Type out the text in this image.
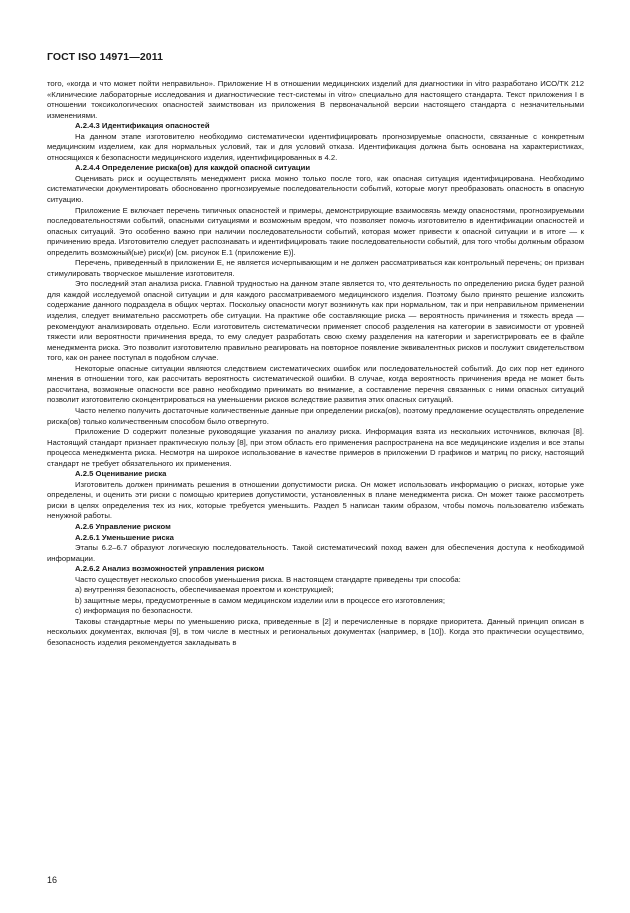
ГОСТ ISO 14971—2011

того, «когда и что может пойти неправильно». Приложение Н в отношении медицинских изделий для диагностики in vitro разработано ИСО/ТК 212 «Клинические лабораторные исследования и диагностические тест-системы in vitro» специально для настоящего стандарта. Текст приложения I в отношении токсикологических опасностей заимствован из приложения В первоначальной версии настоящего стандарта с незначительными изменениями.

А.2.4.3 Идентификация опасностей

На данном этапе изготовителю необходимо систематически идентифицировать прогнозируемые опасности, связанные с конкретным медицинским изделием, как для нормальных условий, так и для условий отказа. Идентификация должна быть основана на характеристиках, относящихся к безопасности медицинского изделия, идентифицированных в 4.2.

А.2.4.4 Определение риска(ов) для каждой опасной ситуации

Оценивать риск и осуществлять менеджмент риска можно только после того, как опасная ситуация идентифицирована. Необходимо систематически документировать обоснованно прогнозируемые последовательности событий, которые могут преобразовать опасность в опасную ситуацию.

Приложение Е включает перечень типичных опасностей и примеры, демонстрирующие взаимосвязь между опасностями, прогнозируемыми последовательностями событий, опасными ситуациями и возможным вредом, что позволяет помочь изготовителю в идентификации опасностей и опасных ситуаций. Это особенно важно при наличии последовательности событий, которая может привести к опасной ситуации и в итоге — к причинению вреда. Изготовителю следует распознавать и идентифицировать такие последовательности событий, для того чтобы должным образом определить возможный(ые) риск(и) [см. рисунок Е.1 (приложение Е)].

Перечень, приведенный в приложении Е, не является исчерпывающим и не должен рассматриваться как контрольный перечень; он призван стимулировать творческое мышление изготовителя.

Это последний этап анализа риска. Главной трудностью на данном этапе является то, что деятельность по определению риска будет разной для каждой исследуемой опасной ситуации и для каждого рассматриваемого медицинского изделия. Поэтому было принято решение изложить содержание данного подраздела в общих чертах. Поскольку опасности могут возникнуть как при нормальном, так и при неправильном применении изделия, следует внимательно рассмотреть обе ситуации. На практике обе составляющие риска — вероятность причинения и тяжесть вреда — рекомендуют анализировать отдельно. Если изготовитель систематически применяет способ разделения на категории в зависимости от уровней тяжести или вероятности причинения вреда, то ему следует разработать свою схему разделения на категории и зарегистрировать ее в файле менеджмента риска. Это позволит изготовителю правильно реагировать на повторное появление эквивалентных рисков и послужит свидетельством того, как он ранее поступал в подобном случае.

Некоторые опасные ситуации являются следствием систематических ошибок или последовательностей событий. До сих пор нет единого мнения в отношении того, как рассчитать вероятность систематической ошибки. В случае, когда вероятность причинения вреда не может быть рассчитана, возможные опасности все равно необходимо принимать во внимание, а составление перечня связанных с ними опасных ситуаций позволит изготовителю сконцентрироваться на уменьшении рисков вследствие развития этих опасных ситуаций.

Часто нелегко получить достаточные количественные данные при определении риска(ов), поэтому предложение осуществлять определение риска(ов) только количественным способом было отвергнуто.

Приложение D содержит полезные руководящие указания по анализу риска. Информация взята из нескольких источников, включая [8]. Настоящий стандарт признает практическую пользу [8], при этом область его применения распространена на все медицинские изделия и все этапы процесса менеджмента риска. Несмотря на широкое использование в качестве примеров в приложении D графиков и матриц по риску, настоящий стандарт не требует обязательного их применения.

А.2.5 Оценивание риска

Изготовитель должен принимать решения в отношении допустимости риска. Он может использовать информацию о рисках, которые уже определены, и оценить эти риски с помощью критериев допустимости, установленных в плане менеджмента риска. Он может также рассмотреть риски в целях определения тех из них, которые требуется уменьшить. Раздел 5 написан таким образом, чтобы помочь пользователю избежать ненужной работы.

А.2.6 Управление риском

А.2.6.1 Уменьшение риска

Этапы 6.2–6.7 образуют логическую последовательность. Такой систематический поход важен для обеспечения доступа к необходимой информации.

А.2.6.2 Анализ возможностей управления риском

Часто существует несколько способов уменьшения риска. В настоящем стандарте приведены три способа:

a) внутренняя безопасность, обеспечиваемая проектом и конструкцией;

b) защитные меры, предусмотренные в самом медицинском изделии или в процессе его изготовления;

c) информация по безопасности.

Таковы стандартные меры по уменьшению риска, приведенные в [2] и перечисленные в порядке приоритета. Данный принцип описан в нескольких документах, включая [9], в том числе в местных и региональных документах (например, в [10]). Когда это практически осуществимо, безопасность изделия рекомендуется закладывать в

16
